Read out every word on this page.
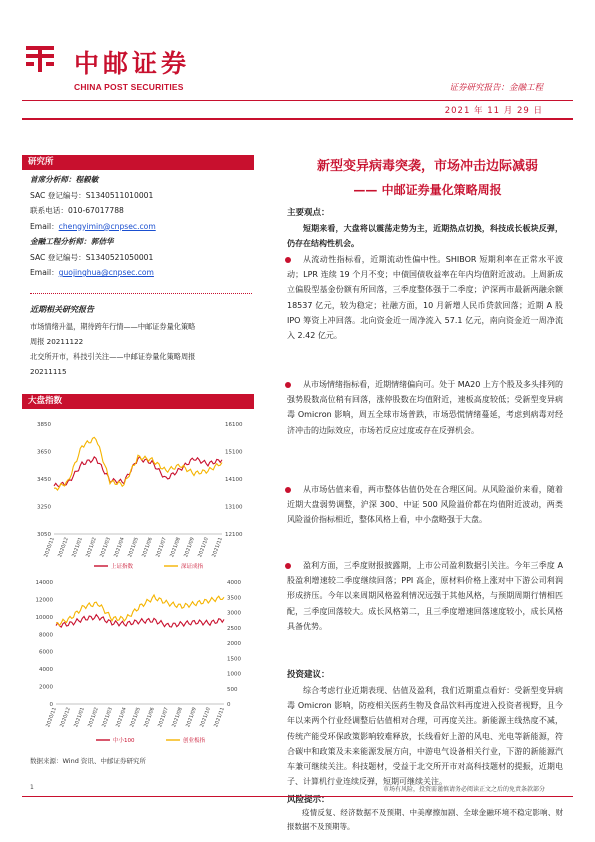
中邮证券
CHINA POST SECURITIES	证券研究报告：金融工程
2021 年 11 月 29 日
研究所
首席分析师：程毅敏
SAC 登记编号：S1340511010001
联系电话：010-67017788
Email：chengyimin@cnpsec.com
金融工程分析师：郭佶华
SAC 登记编号：S1340521050001
Email：guojinghua@cnpsec.com
近期相关研究报告
市场情绪升温，期待跨年行情——中邮证券量化策略
周报 20211122
北交所开市，科技引关注——中邮证券量化策略周报
20211115
大盘指数
3850
3650
3450
3250
3050
16100
15100
14100
13100
12100
2020/11 2020/12 2021/01 2021/02 2021/03 2021/04 2021/05 2021/06 2021/07 2021/08 2021/09 2021/10 2021/11
上证指数	深证成指
14000
12000
10000
8000
6000
4000
2000
0
4000
3500
3000
2500
2000
1500
1000
500
0
2020/11 2020/12 2021/01 2021/02 2021/03 2021/04 2021/05 2021/06 2021/07 2021/08 2021/09 2021/10 2021/11
中小100	创业板指
数据来源：Wind 资讯、中邮证券研究所
新型变异病毒突袭，市场冲击边际减弱
—— 中邮证券量化策略周报
主要观点：
短期来看，大盘将以震荡走势为主，近期热点切换，科技成长板块反弹，仍存在结构性机会。
从流动性指标看，近期流动性偏中性。SHIBOR 短期利率在正常水平波动；LPR 连续 19 个月不变；中债国债收益率在年内均值附近波动。上周新成立偏股型基金份额有所回落，三季度整体强于二季度；沪深两市最新两融余额 18537 亿元，较为稳定；社融方面，10 月新增人民币贷款回落；近期 A 股 IPO 筹资上冲回落。北向资金近一周净流入 57.1 亿元，南向资金近一周净流入 2.42 亿元。
从市场情绪指标看，近期情绪偏向可。处于 MA20 上方个股及多头排列的强势股数高位稍有回落，涨停股数在均值附近，速板高度较低；受新型变异病毒 Omicron 影响，周五全球市场普跌，市场恐慌情绪蔓延，考虑到病毒对经济冲击的边际效应，市场若反应过度或存在反弹机会。
从市场估值来看，两市整体估值仍处在合理区间。从风险溢价来看，随着近期大盘弱势调整，沪深 300、中证 500 风险溢价都在均值附近波动，两类风险溢价指标相近，整体风格上看，中小盘略强于大盘。
盈利方面，三季度财报披露期，上市公司盈利数据引关注。今年三季度 A 股盈利增速较二季度继续回落；PPI 高企，原材料价格上涨对中下游公司利润形成挤压。今年以来周期风格盈利情况远强于其他风格，与预期周期行情相匹配，三季度回落较大。成长风格第二，且三季度增速回落速度较小，成长风格具备优势。
投资建议：
综合考虑行业近期表现、估值及盈利，我们近期重点看好：受新型变异病毒 Omicron 影响，防疫相关医药生物及食品饮料再度进入投资者视野，且今年以来两个行业经调整后估值相对合理，可再度关注。新能源主线热度不减，传统产能受环保政策影响较难释放，长线看好上游的风电、光电等新能源，符合碳中和政策及未来能源发展方向，中游电气设备相关行业，下游的新能源汽车兼可继续关注。科技题材，受益于北交所开市对高科技题材的提振，近期电子、计算机行业连续反弹，短期可继续关注。
风险提示：
1	市场有风险，投资需谨慎请务必阅读正文之后的免责条款部分
疫情反复、经济数据不及预期、中美摩擦加剧、全球金融环境不稳定影响、财报数据不及预期等。
